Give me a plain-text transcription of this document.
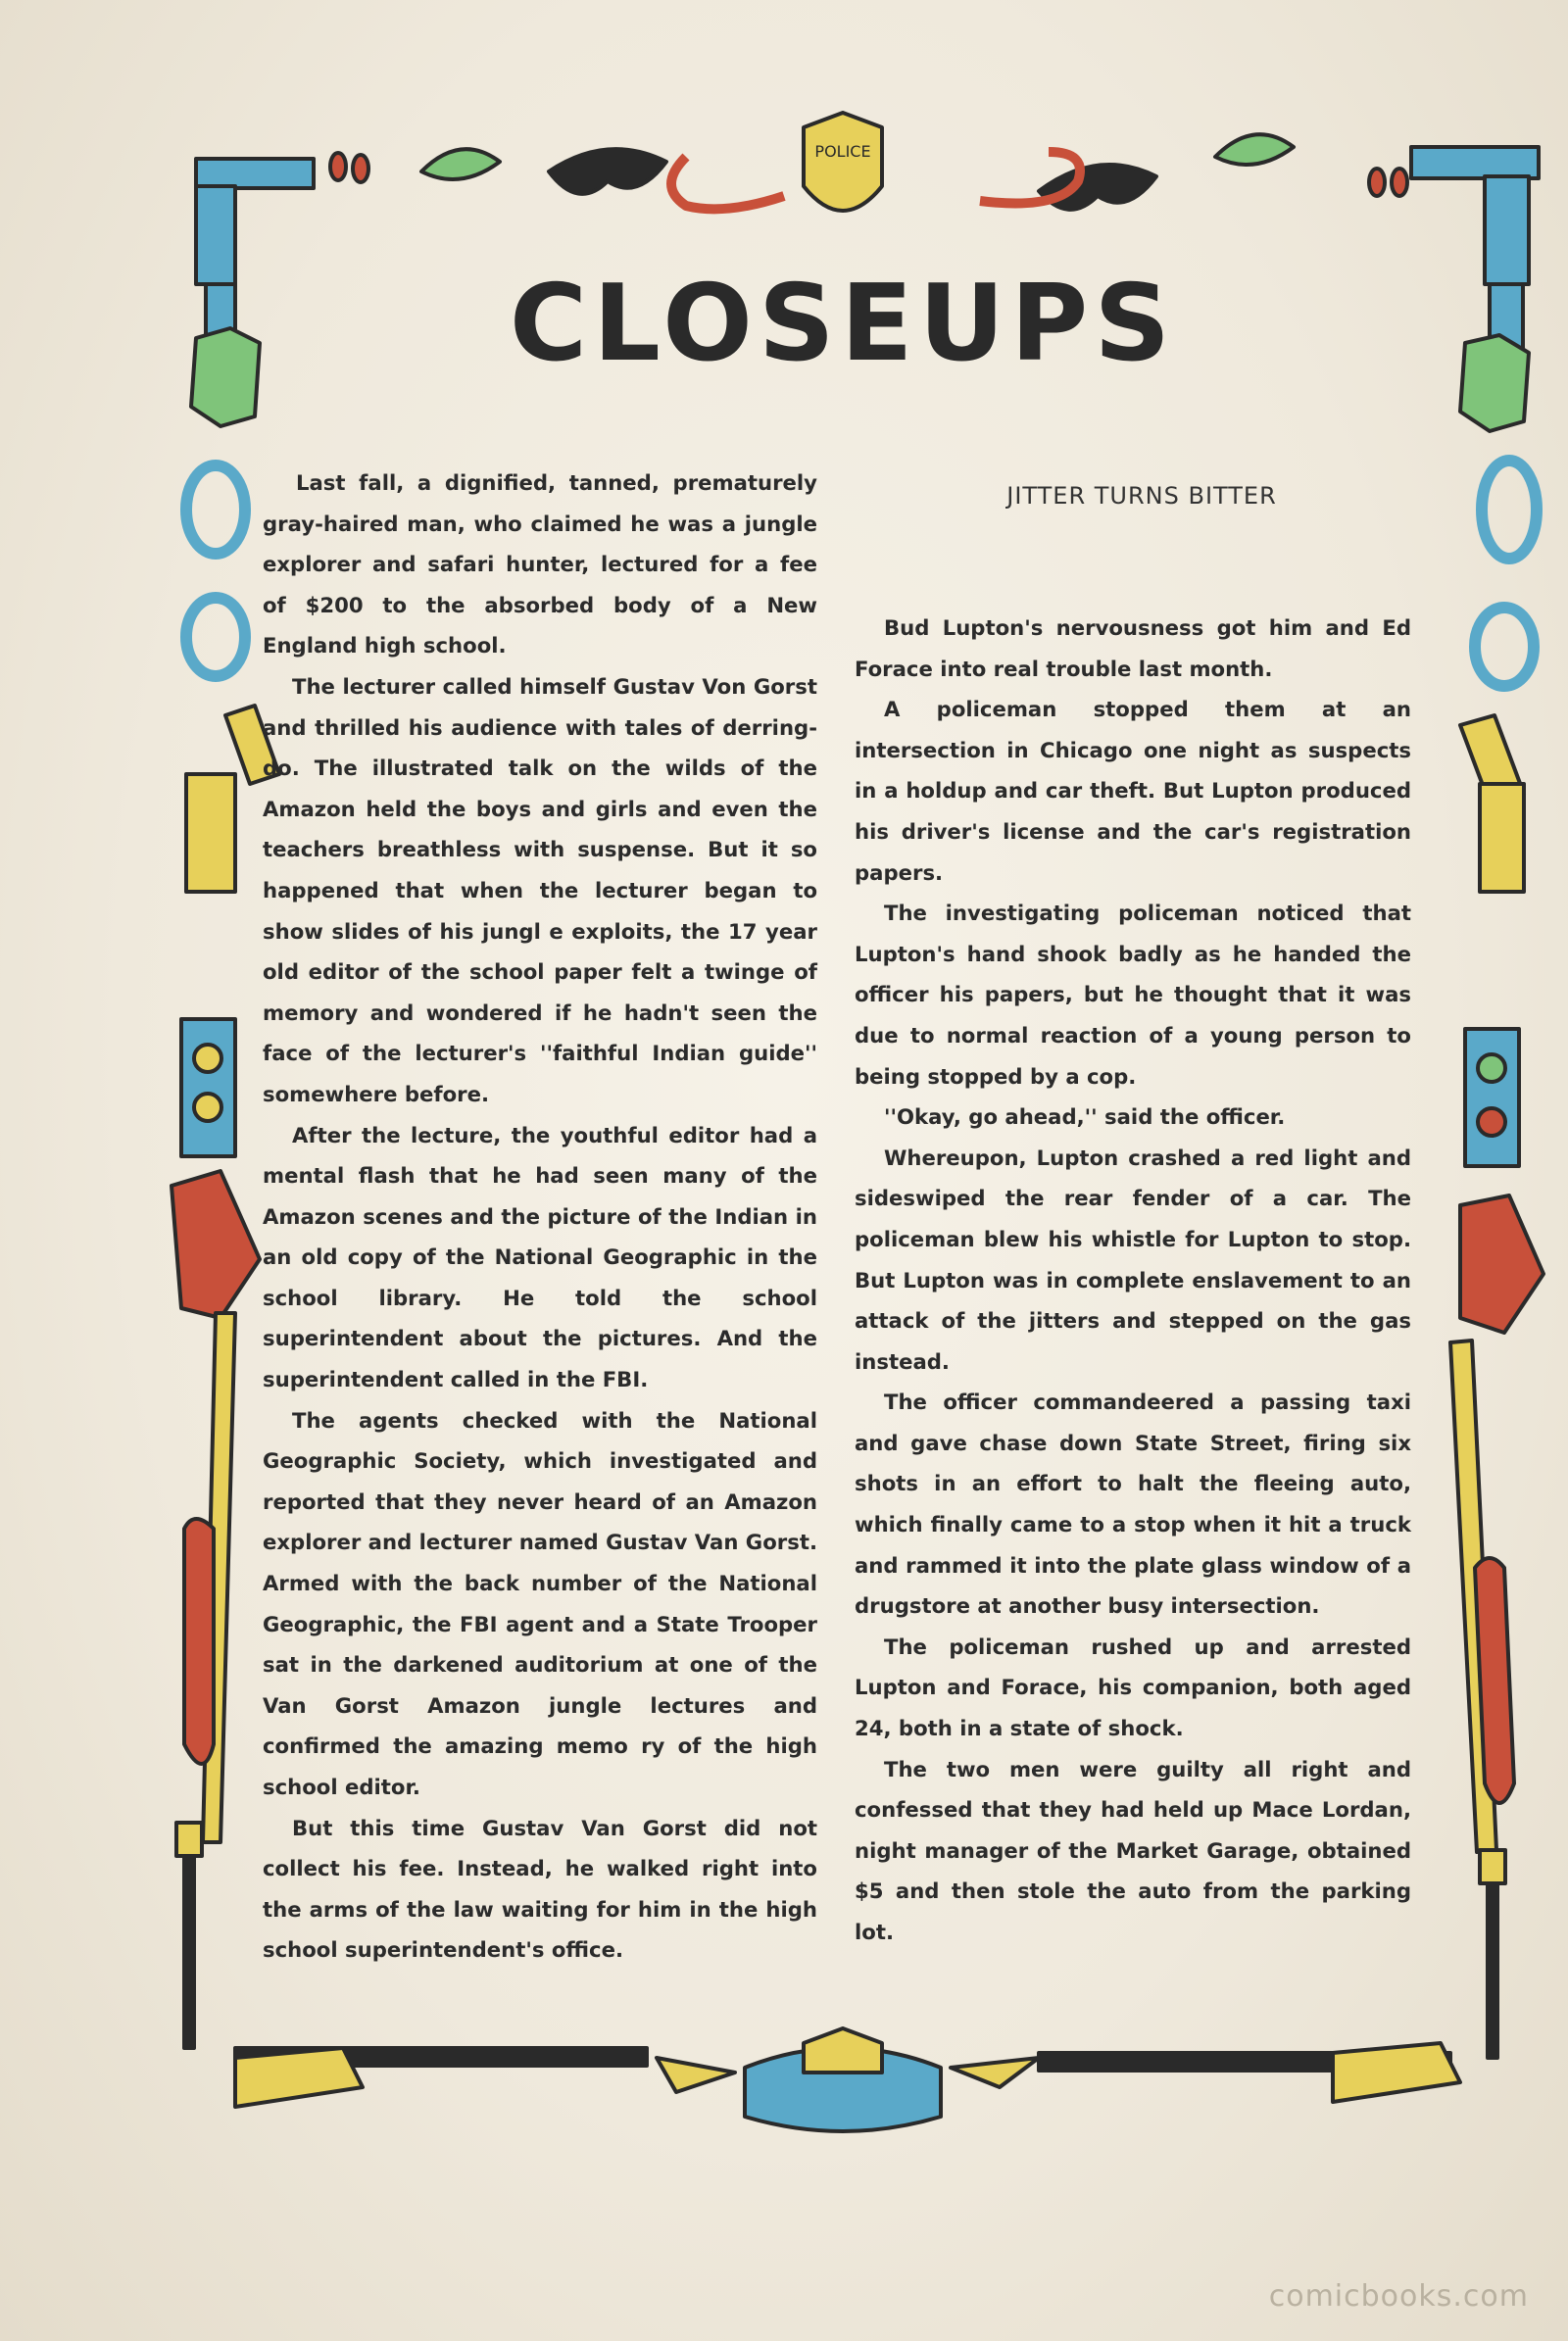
POLICE
CLOSEUPS

Last fall, a dignified, tanned, prematurely gray-haired man, who claimed he was a jungle explorer and safari hunter, lectured for a fee of $200 to the absorbed body of a New England high school.

The lecturer called himself Gustav Von Gorst and thrilled his audience with tales of derring-do. The illustrated talk on the wilds of the Amazon held the boys and girls and even the teachers breathless with suspense. But it so happened that when the lecturer began to show slides of his jungl e exploits, the 17 year old editor of the school paper felt a twinge of memory and wondered if he hadn't seen the face of the lecturer's ''faithful Indian guide'' somewhere before.

After the lecture, the youthful editor had a mental flash that he had seen many of the Amazon scenes and the picture of the Indian in an old copy of the National Geographic in the school library. He told the school superintendent about the pictures. And the superintendent called in the FBI.

The agents checked with the National Geographic Society, which investigated and reported that they never heard of an Amazon explorer and lecturer named Gustav Van Gorst. Armed with the back number of the National Geographic, the FBI agent and a State Trooper sat in the darkened auditorium at one of the Van Gorst Amazon jungle lectures and confirmed the amazing memo ry of the high school editor.

But this time Gustav Van Gorst did not collect his fee. Instead, he walked right into the arms of the law waiting for him in the high school superintendent's office.

JITTER TURNS BITTER

Bud Lupton's nervousness got him and Ed Forace into real trouble last month.

A policeman stopped them at an intersection in Chicago one night as suspects in a holdup and car theft. But Lupton produced his driver's license and the car's registration papers.

The investigating policeman noticed that Lupton's hand shook badly as he handed the officer his papers, but he thought that it was due to normal reaction of a young person to being stopped by a cop.

''Okay, go ahead,'' said the officer.

Whereupon, Lupton crashed a red light and sideswiped the rear fender of a car. The policeman blew his whistle for Lupton to stop. But Lupton was in complete enslavement to an attack of the jitters and stepped on the gas instead.

The officer commandeered a passing taxi and gave chase down State Street, firing six shots in an effort to halt the fleeing auto, which finally came to a stop when it hit a truck and rammed it into the plate glass window of a drugstore at another busy intersection.

The policeman rushed up and arrested Lupton and Forace, his companion, both aged 24, both in a state of shock.

The two men were guilty all right and confessed that they had held up Mace Lordan, night manager of the Market Garage, obtained $5 and then stole the auto from the parking lot.

comicbooks.com
